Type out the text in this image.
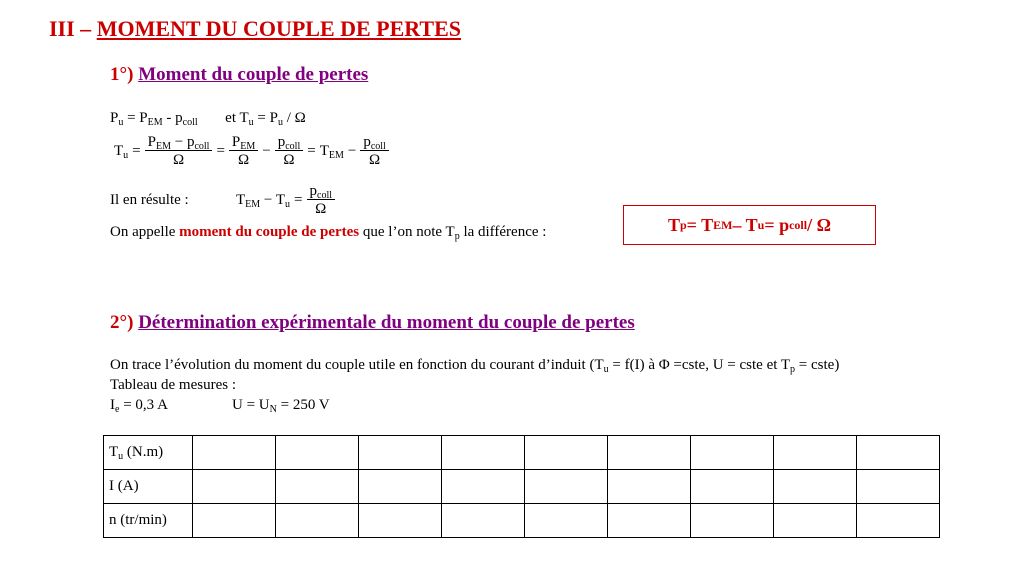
III – MOMENT DU COUPLE DE PERTES
1°) Moment du couple de pertes
$P_u = P_{EM} - p_{coll}$ et $T_u = P_u / \Omega$
$T_u = \frac{P_{EM} - p_{coll}}{\Omega} = \frac{P_{EM}}{\Omega} - \frac{p_{coll}}{\Omega} = T_{EM} - \frac{p_{coll}}{\Omega}$
Il en résulte :	$T_{EM} - T_u = \frac{p_{coll}}{\Omega}$
On appelle moment du couple de pertes que l’on note $T_p$ la différence :	T p = T EM – T u = p coll / Ω
2°) Détermination expérimentale du moment du couple de pertes
On trace l’évolution du moment du couple utile en fonction du courant d’induit ($T_u = f(I)$ à Φ =cste, U = cste et $T_p$ = cste)
Tableau de mesures :
$I_e = 0,3$ A	$U = U_N = 250$ V
$T_u$ (N.m)									
I (A)									
n (tr/min)									
